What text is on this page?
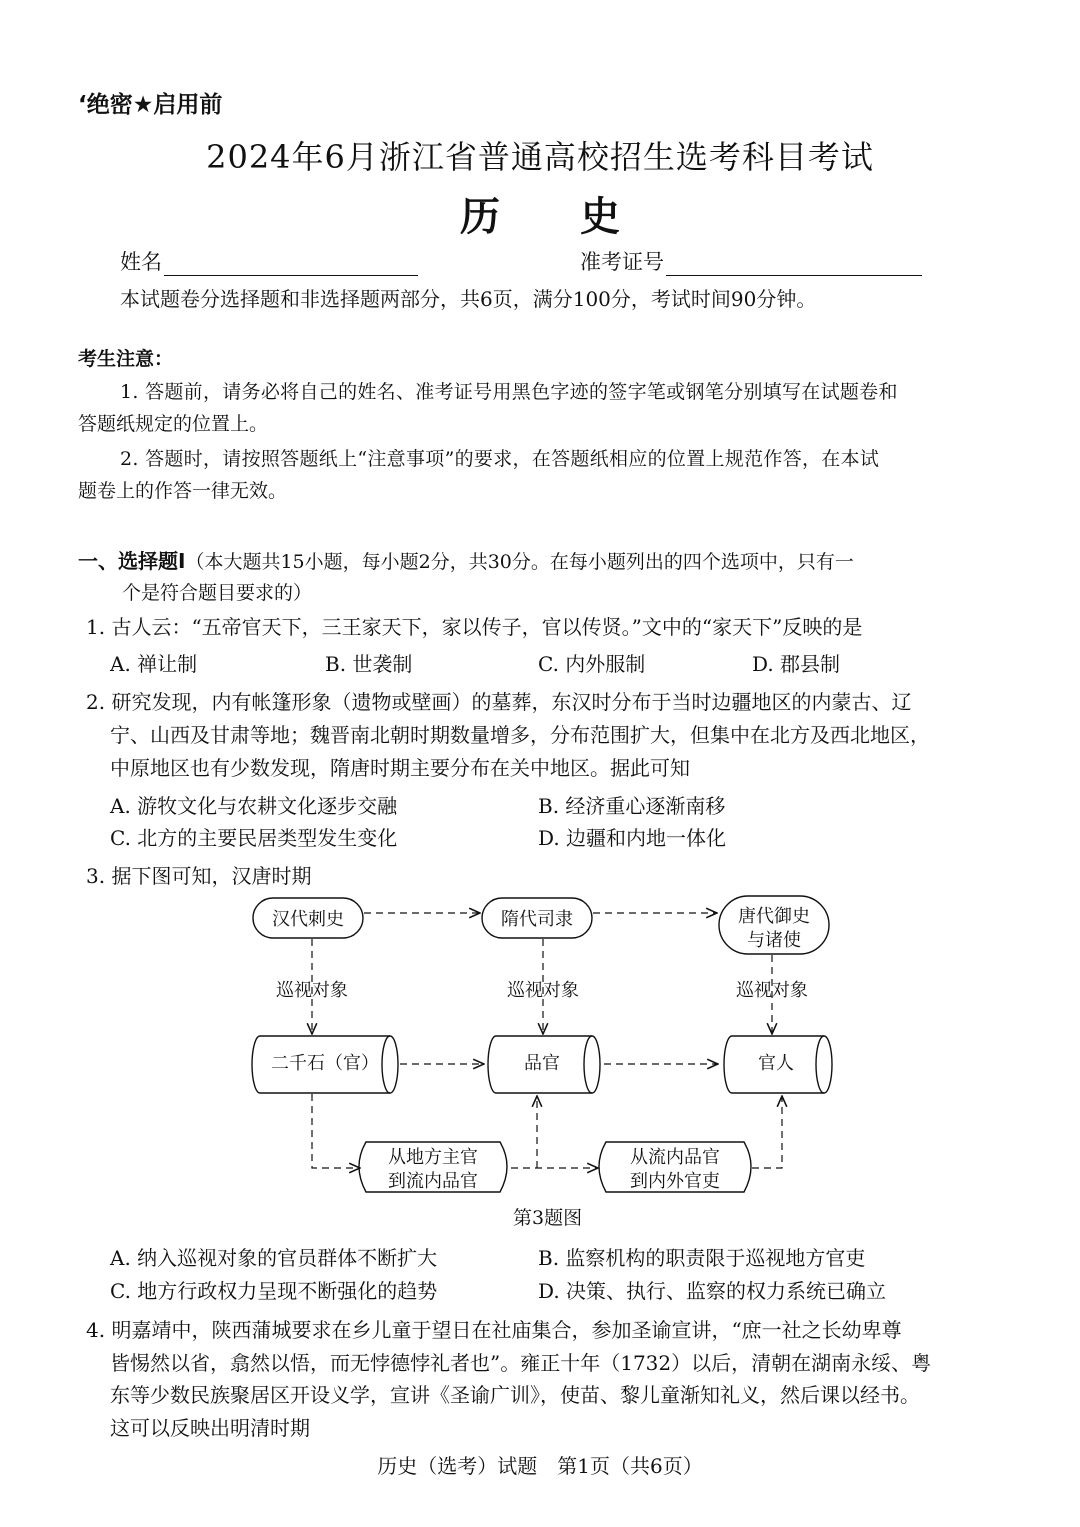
‘绝密★启用前
2024年6月浙江省普通高校招生选考科目考试
历史
姓名	准考证号
本试题卷分选择题和非选择题两部分，共6页，满分100分，考试时间90分钟。
考生注意：
1. 答题前，请务必将自己的姓名、准考证号用黑色字迹的签字笔或钢笔分别填写在试题卷和
答题纸规定的位置上。
2. 答题时，请按照答题纸上“注意事项”的要求，在答题纸相应的位置上规范作答，在本试
题卷上的作答一律无效。
一、选择题Ⅰ（本大题共15小题，每小题2分，共30分。在每小题列出的四个选项中，只有一
个是符合题目要求的）
1. 古人云：“五帝官天下，三王家天下，家以传子，官以传贤。”文中的“家天下”反映的是
A. 禅让制	B. 世袭制	C. 内外服制	D. 郡县制
2. 研究发现，内有帐篷形象（遗物或壁画）的墓葬，东汉时分布于当时边疆地区的内蒙古、辽
宁、山西及甘肃等地；魏晋南北朝时期数量增多，分布范围扩大，但集中在北方及西北地区，
中原地区也有少数发现，隋唐时期主要分布在关中地区。据此可知
A. 游牧文化与农耕文化逐步交融	B. 经济重心逐渐南移
C. 北方的主要民居类型发生变化	D. 边疆和内地一体化
3. 据下图可知，汉唐时期
汉代刺史	隋代司隶	唐代御史
与诸使
巡视对象	巡视对象	巡视对象
二千石（官）	品官	官人
从地方主官
到流内品官
从流内品官
到内外官吏
第3题图
A. 纳入巡视对象的官员群体不断扩大	B. 监察机构的职责限于巡视地方官吏
C. 地方行政权力呈现不断强化的趋势	D. 决策、执行、监察的权力系统已确立
4. 明嘉靖中，陕西蒲城要求在乡儿童于望日在社庙集合，参加圣谕宣讲，“庶一社之长幼卑尊
皆惕然以省，翕然以悟，而无悖德悖礼者也”。雍正十年（1732）以后，清朝在湖南永绥、粤
东等少数民族聚居区开设义学，宣讲《圣谕广训》，使苗、黎儿童渐知礼义，然后课以经书。
这可以反映出明清时期
历史（选考）试题　第1页（共6页）
